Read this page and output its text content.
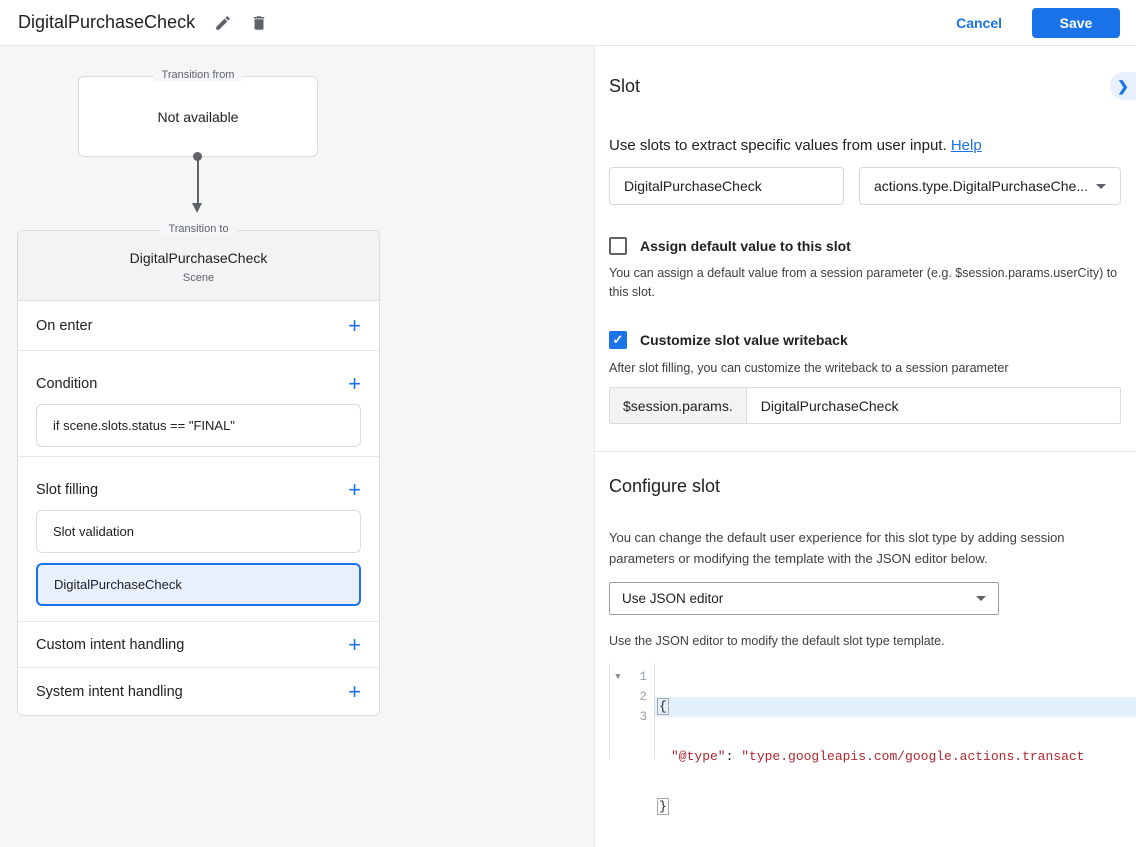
DigitalPurchaseCheck	Cancel	Save
Transition from
Not available
Transition to
DigitalPurchaseCheck
Scene
On enter	+
Condition	+
if scene.slots.status == "FINAL"
Slot filling	+
Slot validation
DigitalPurchaseCheck
Custom intent handling	+
System intent handling	+
❯
Slot
Use slots to extract specific values from user input. Help
DigitalPurchaseCheck	actions.type.DigitalPurchaseChe...
Assign default value to this slot
You can assign a default value from a session parameter (e.g. $session.params.userCity) to this slot.
✓
Customize slot value writeback
After slot filling, you can customize the writeback to a session parameter
$session.params.	DigitalPurchaseCheck
Configure slot
You can change the default user experience for this slot type by adding session parameters or modifying the template with the JSON editor below.
Use JSON editor
Use the JSON editor to modify the default slot type template.
▼	1
2
3

{

"@type" : "type.googleapis.com/google.actions.transact

}
